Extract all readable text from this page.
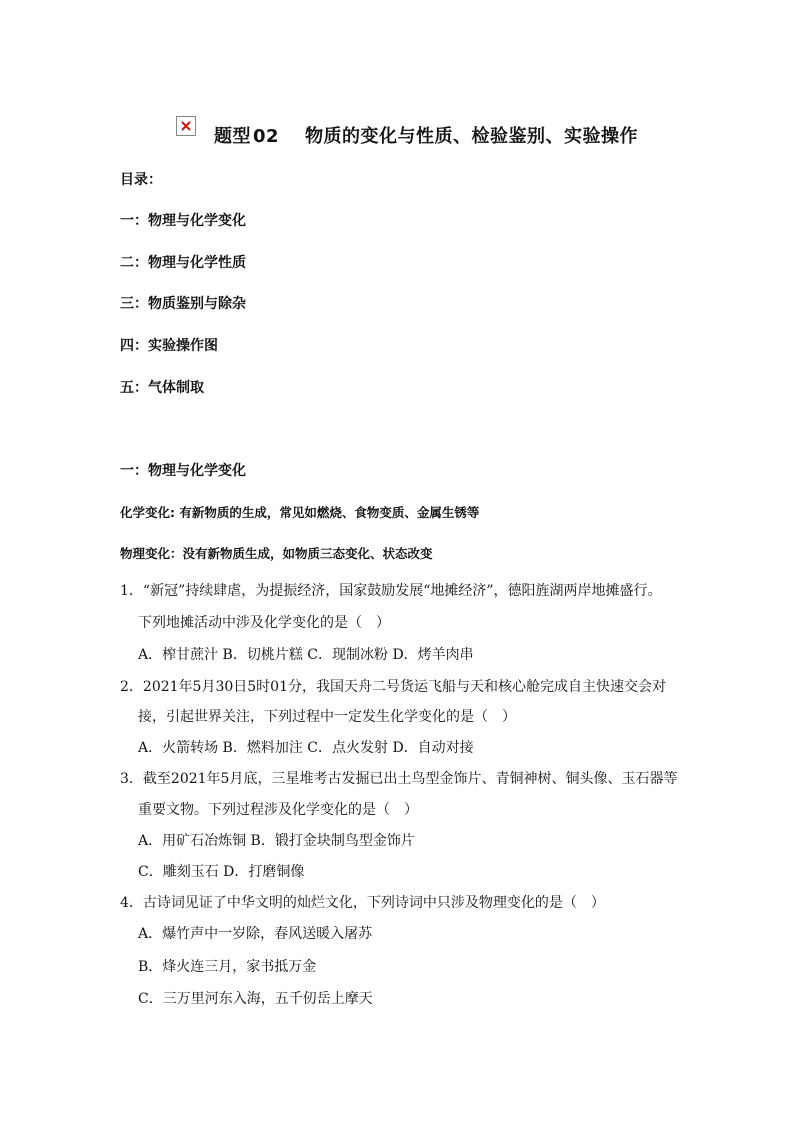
题型 02 物质的变化与性质、检验鉴别、实验操作
目录：
一：物理与化学变化
二：物理与化学性质
三：物质鉴别与除杂
四：实验操作图
五：气体制取
一：物理与化学变化
化学变化: 有新物质的生成，常见如燃烧、食物变质、金属生锈等
物理变化：没有新物质生成，如物质三态变化、状态改变
1．“新冠”持续肆虐，为提振经济，国家鼓励发展“地摊经济”，德阳旌湖两岸地摊盛行。
下列地摊活动中涉及化学变化的是（　）
A．榨甘蔗汁 B．切桃片糕 C．现制冰粉 D．烤羊肉串
2．2021年5月30日5时01分，我国天舟二号货运飞船与天和核心舱完成自主快速交会对
接，引起世界关注，下列过程中一定发生化学变化的是（　）
A．火箭转场 B．燃料加注 C．点火发射 D．自动对接
3．截至2021年5月底，三星堆考古发掘已出土鸟型金饰片、青铜神树、铜头像、玉石器等
重要文物。下列过程涉及化学变化的是（　）
A．用矿石冶炼铜 B．锻打金块制鸟型金饰片
C．雕刻玉石 D．打磨铜像
4．古诗词见证了中华文明的灿烂文化，下列诗词中只涉及物理变化的是（　）
A．爆竹声中一岁除，春风送暖入屠苏
B．烽火连三月，家书抵万金
C．三万里河东入海，五千仞岳上摩天
